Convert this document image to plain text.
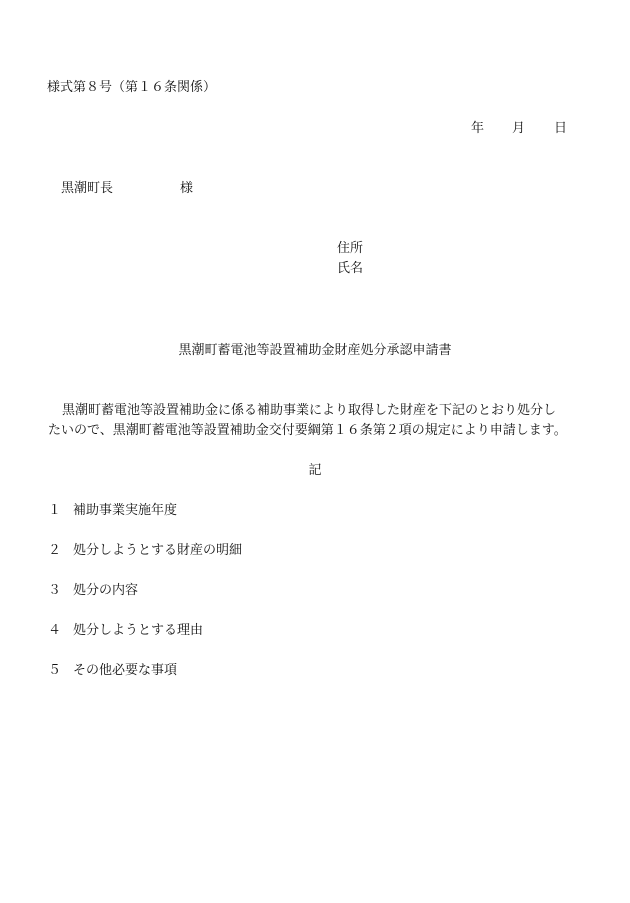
様式第８号（第１６条関係）
年 月 日
黒潮町長	様
住所
氏名
黒潮町蓄電池等設置補助金財産処分承認申請書
黒潮町蓄電池等設置補助金に係る補助事業により取得した財産を下記のとおり処分し
たいので、黒潮町蓄電池等設置補助金交付要綱第１６条第２項の規定により申請します。
記
１ 補助事業実施年度
２ 処分しようとする財産の明細
３ 処分の内容
４ 処分しようとする理由
５ その他必要な事項
